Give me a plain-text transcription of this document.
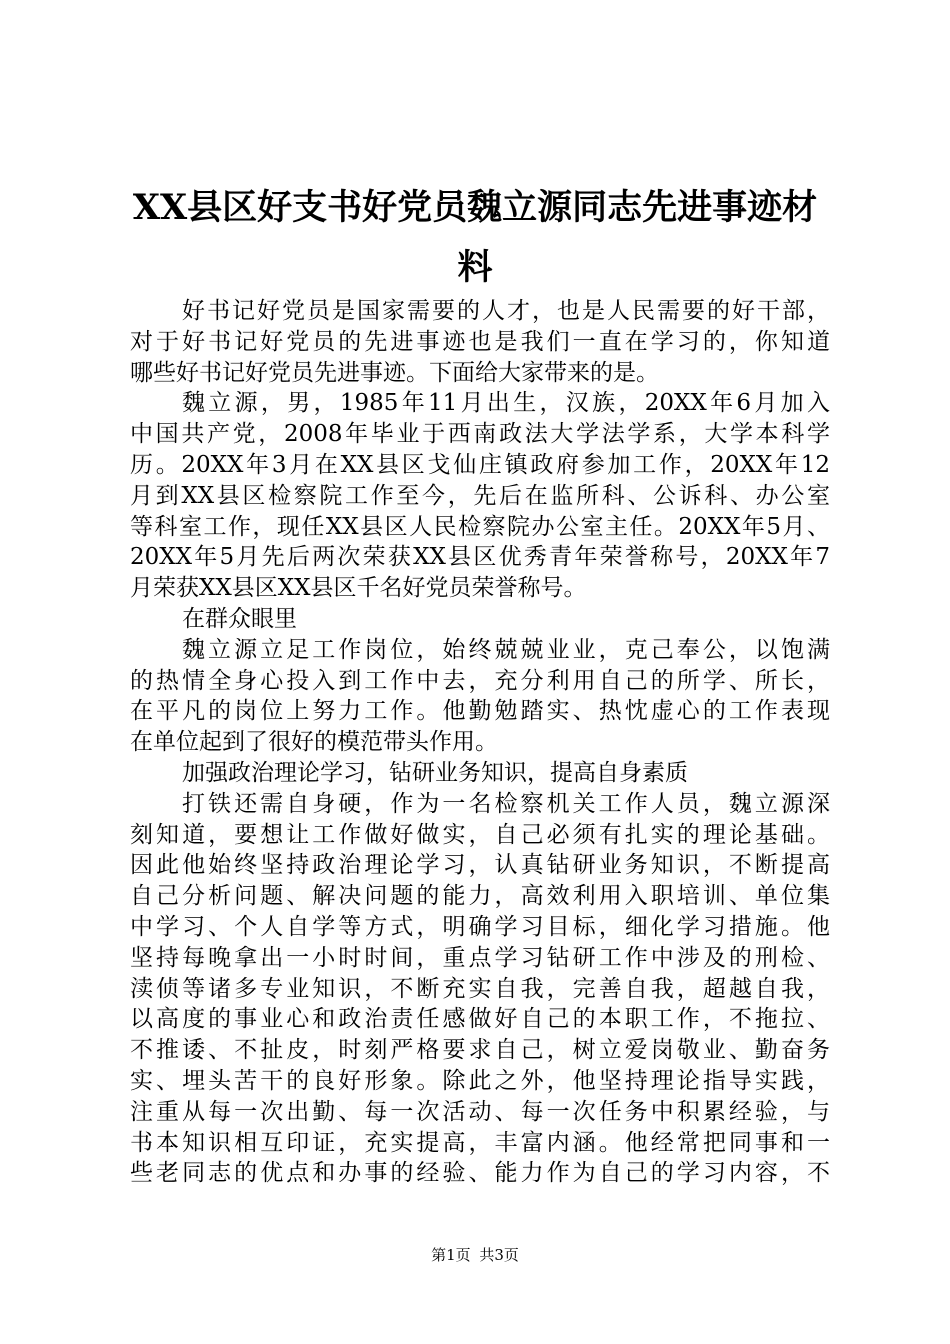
XX县区好支书好党员魏立源同志先进事迹材
料
好书记好党员是国家需要的人才，也是人民需要的好干部，
对于好书记好党员的先进事迹也是我们一直在学习的，你知道
哪些好书记好党员先进事迹。下面给大家带来的是。
魏立源，男，1985年11月出生，汉族，20XX年6月加入
中国共产党，2008年毕业于西南政法大学法学系，大学本科学
历。20XX年3月在XX县区戈仙庄镇政府参加工作，20XX年12
月到XX县区检察院工作至今，先后在监所科、公诉科、办公室
等科室工作，现任XX县区人民检察院办公室主任。20XX年5月、
20XX年5月先后两次荣获XX县区优秀青年荣誉称号，20XX年7
月荣获XX县区XX县区千名好党员荣誉称号。
在群众眼里
魏立源立足工作岗位，始终兢兢业业，克己奉公，以饱满
的热情全身心投入到工作中去，充分利用自己的所学、所长，
在平凡的岗位上努力工作。他勤勉踏实、热忱虚心的工作表现
在单位起到了很好的模范带头作用。
加强政治理论学习，钻研业务知识，提高自身素质
打铁还需自身硬，作为一名检察机关工作人员，魏立源深
刻知道，要想让工作做好做实，自己必须有扎实的理论基础。
因此他始终坚持政治理论学习，认真钻研业务知识，不断提高
自己分析问题、解决问题的能力，高效利用入职培训、单位集
中学习、个人自学等方式，明确学习目标，细化学习措施。他
坚持每晚拿出一小时时间，重点学习钻研工作中涉及的刑检、
渎侦等诸多专业知识，不断充实自我，完善自我，超越自我，
以高度的事业心和政治责任感做好自己的本职工作，不拖拉、
不推诿、不扯皮，时刻严格要求自己，树立爱岗敬业、勤奋务
实、埋头苦干的良好形象。除此之外，他坚持理论指导实践，
注重从每一次出勤、每一次活动、每一次任务中积累经验，与
书本知识相互印证，充实提高，丰富内涵。他经常把同事和一
些老同志的优点和办事的经验、能力作为自己的学习内容，不
第1页 共3页
